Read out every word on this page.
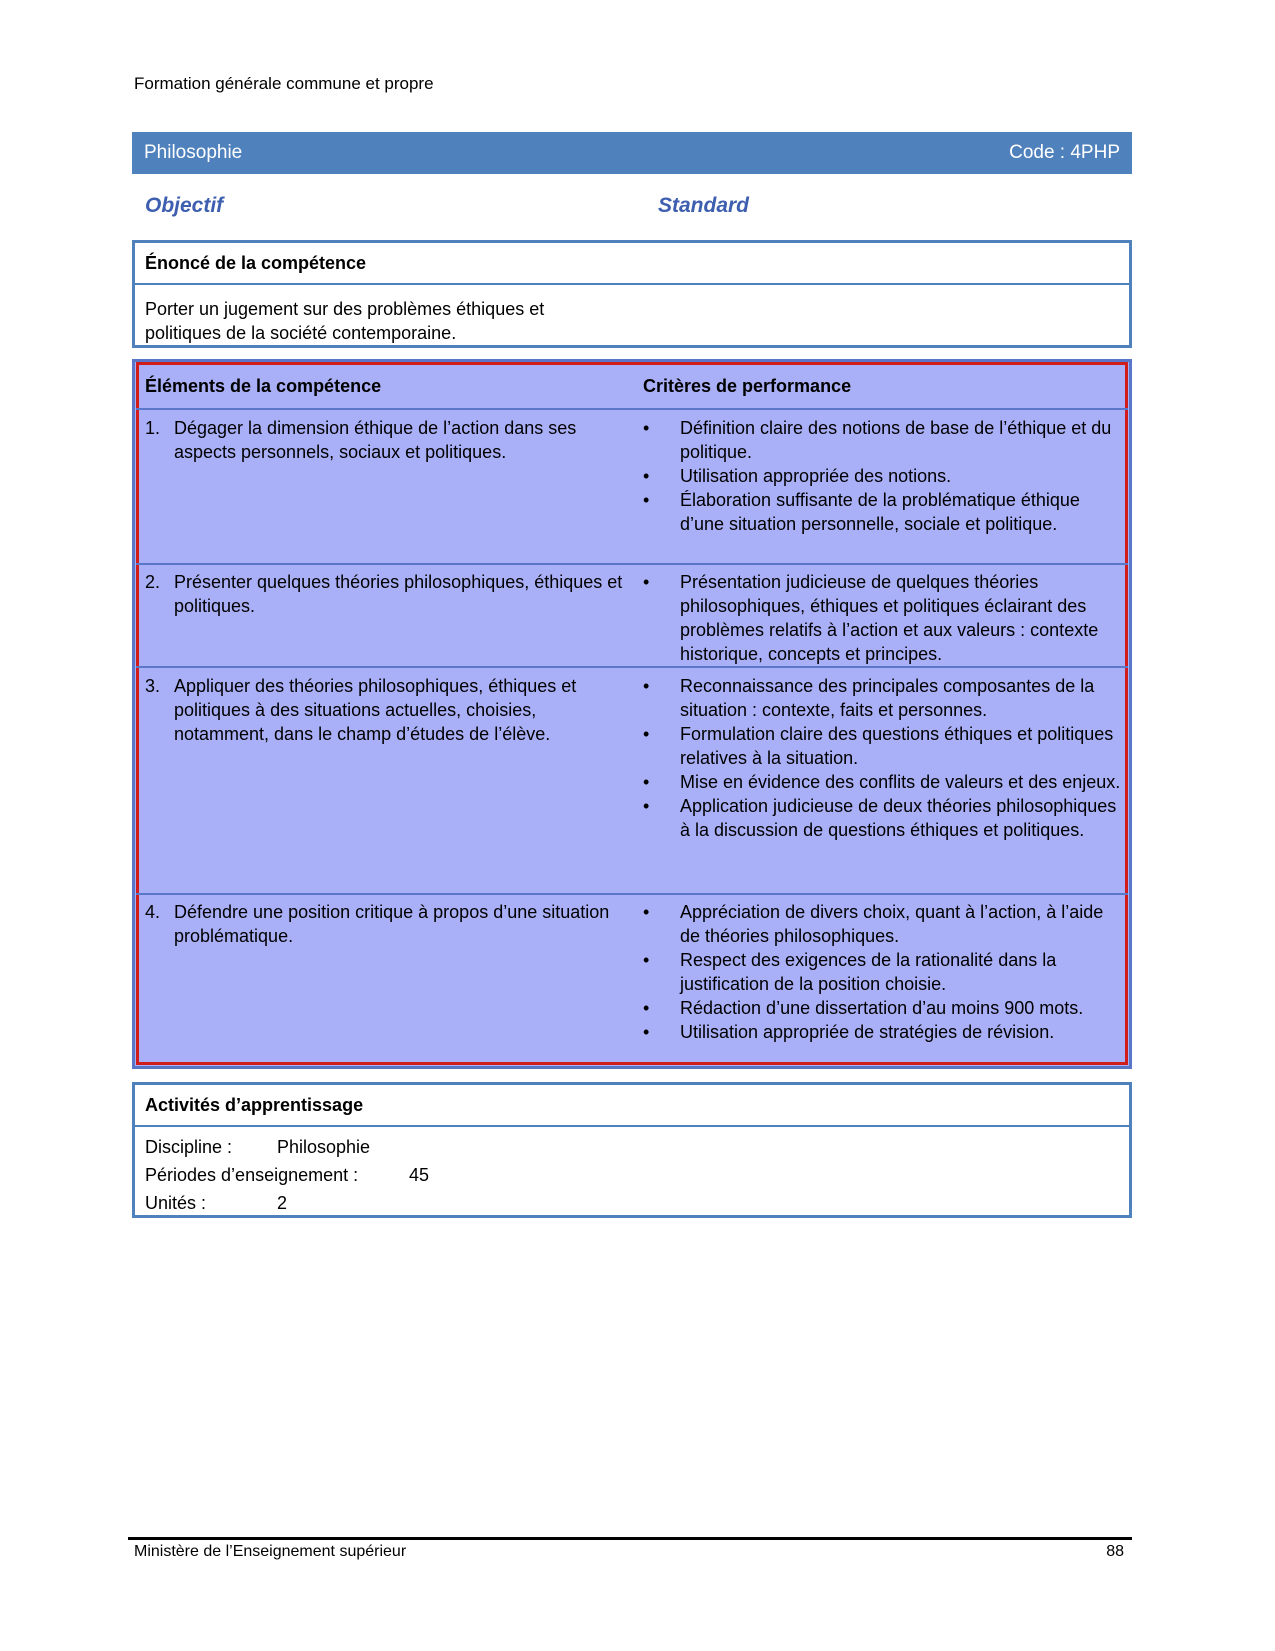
Formation générale commune et propre
Philosophie	Code : 4PHP
Objectif	Standard
Énoncé de la compétence
Porter un jugement sur des problèmes éthiques et
politiques de la société contemporaine.
Éléments de la compétence	Critères de performance
1. Dégager la dimension éthique de l’action dans ses aspects personnels, sociaux et politiques.
• Définition claire des notions de base de l’éthique et du politique.
• Utilisation appropriée des notions.
• Élaboration suffisante de la problématique éthique d’une situation personnelle, sociale et politique.
2. Présenter quelques théories philosophiques, éthiques et politiques.
• Présentation judicieuse de quelques théories philosophiques, éthiques et politiques éclairant des problèmes relatifs à l’action et aux valeurs : contexte historique, concepts et principes.
3. Appliquer des théories philosophiques, éthiques et politiques à des situations actuelles, choisies, notamment, dans le champ d’études de l’élève.
• Reconnaissance des principales composantes de la situation : contexte, faits et personnes.
• Formulation claire des questions éthiques et politiques relatives à la situation.
• Mise en évidence des conflits de valeurs et des enjeux.
• Application judicieuse de deux théories philosophiques à la discussion de questions éthiques et politiques.
4. Défendre une position critique à propos d’une situation problématique.
• Appréciation de divers choix, quant à l’action, à l’aide de théories philosophiques.
• Respect des exigences de la rationalité dans la justification de la position choisie.
• Rédaction d’une dissertation d’au moins 900 mots.
• Utilisation appropriée de stratégies de révision.
Activités d’apprentissage
Discipline : Philosophie
Périodes d’enseignement :	45
Unités :	2
Ministère de l’Enseignement supérieur	88
